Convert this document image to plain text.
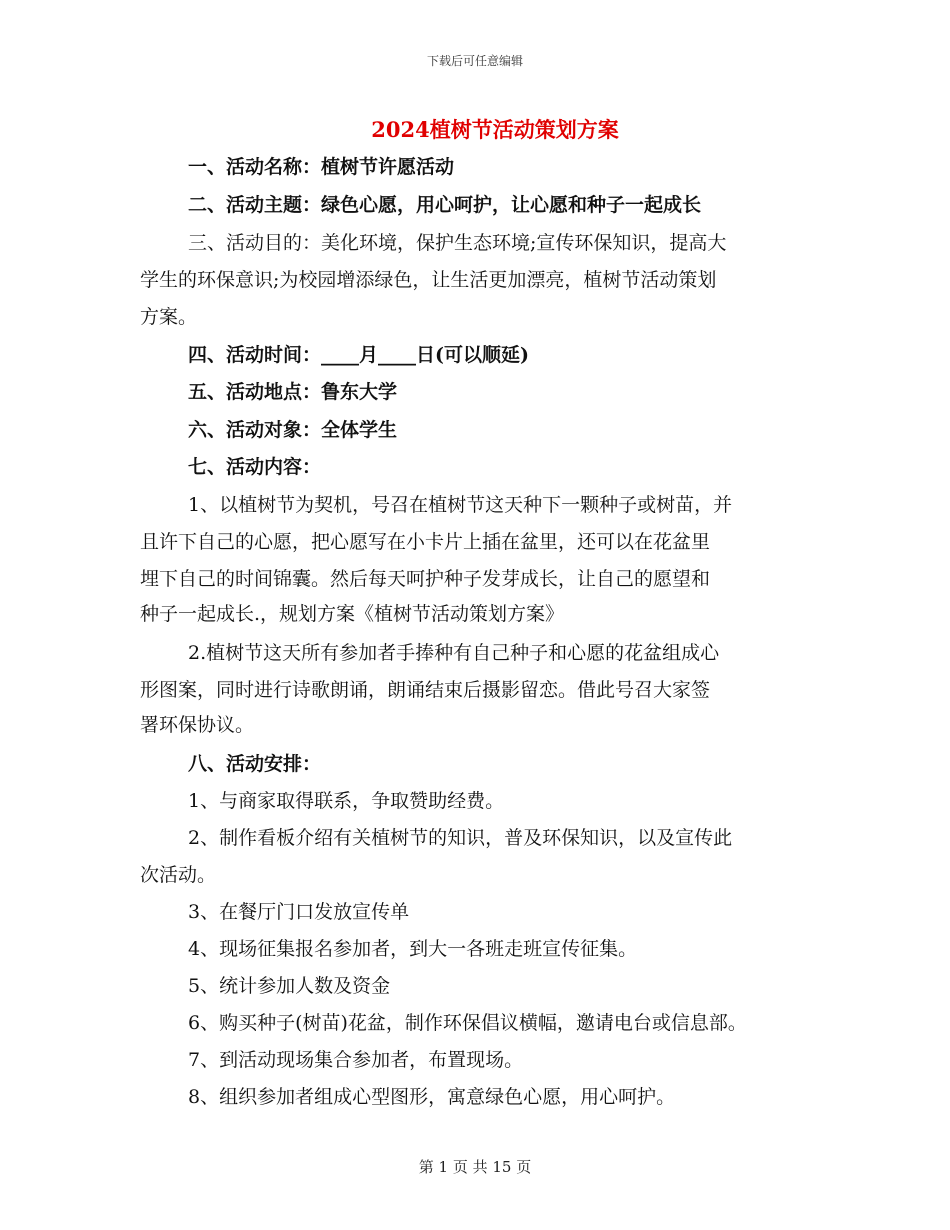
下载后可任意编辑
2024植树节活动策划方案
一、活动名称：植树节许愿活动
二、活动主题：绿色心愿，用心呵护，让心愿和种子一起成长
三、活动目的：美化环境，保护生态环境;宣传环保知识，提高大
学生的环保意识;为校园增添绿色，让生活更加漂亮，植树节活动策划
方案。
四、活动时间：____月____日(可以顺延)
五、活动地点：鲁东大学
六、活动对象：全体学生
七、活动内容：
1、以植树节为契机，号召在植树节这天种下一颗种子或树苗，并
且许下自己的心愿，把心愿写在小卡片上插在盆里，还可以在花盆里
埋下自己的时间锦囊。然后每天呵护种子发芽成长，让自己的愿望和
种子一起成长.，规划方案《植树节活动策划方案》
2.植树节这天所有参加者手捧种有自己种子和心愿的花盆组成心
形图案，同时进行诗歌朗诵，朗诵结束后摄影留恋。借此号召大家签
署环保协议。
八、活动安排：
1、与商家取得联系，争取赞助经费。
2、制作看板介绍有关植树节的知识，普及环保知识，以及宣传此
次活动。
3、在餐厅门口发放宣传单
4、现场征集报名参加者，到大一各班走班宣传征集。
5、统计参加人数及资金
6、购买种子(树苗)花盆，制作环保倡议横幅，邀请电台或信息部。
7、到活动现场集合参加者，布置现场。
8、组织参加者组成心型图形，寓意绿色心愿，用心呵护。
第 1 页 共 15 页
